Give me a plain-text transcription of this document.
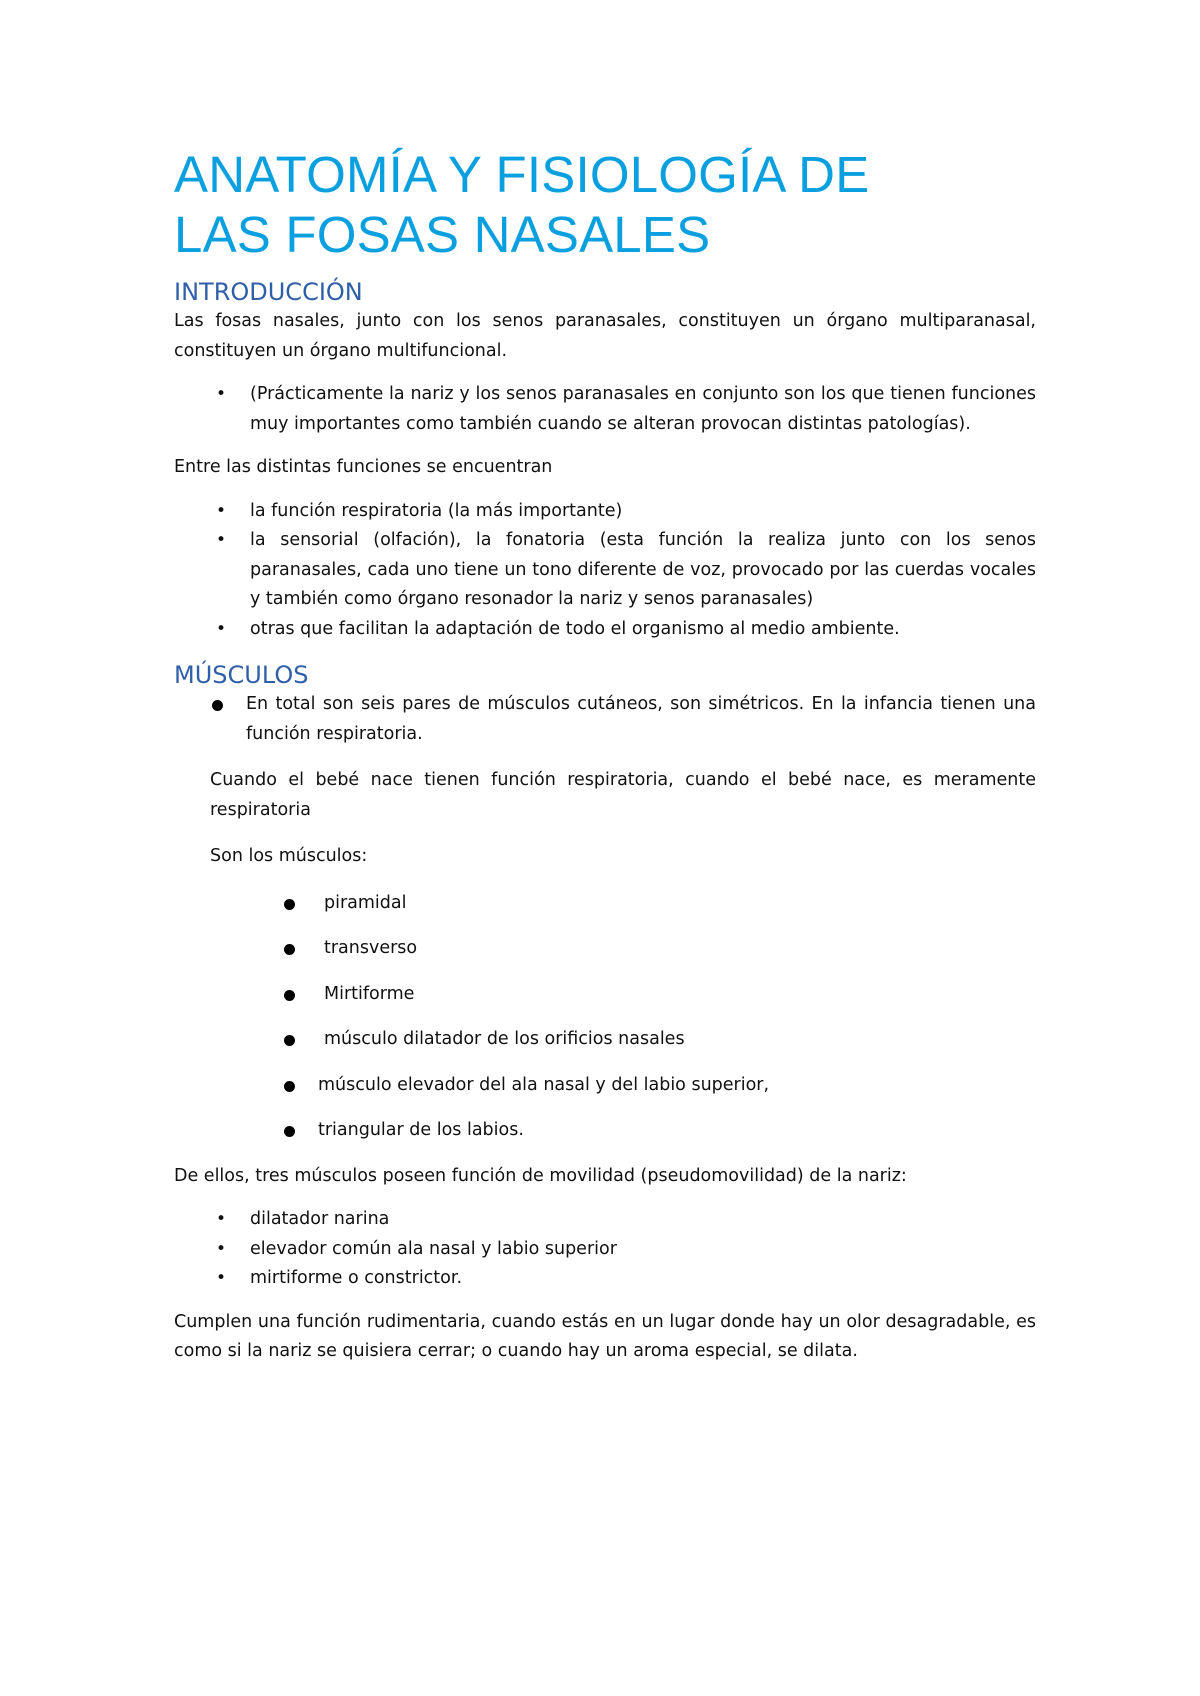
ANATOMÍA Y FISIOLOGÍA DE
LAS FOSAS NASALES
INTRODUCCIÓN

Las fosas nasales, junto con los senos paranasales, constituyen un órgano multiparanasal, constituyen un órgano multifuncional.

• (Prácticamente la nariz y los senos paranasales en conjunto son los que tienen funciones muy importantes como también cuando se alteran provocan distintas patologías).

Entre las distintas funciones se encuentran

• la función respiratoria (la más importante)
• la sensorial (olfación), la fonatoria (esta función la realiza junto con los senos paranasales, cada uno tiene un tono diferente de voz, provocado por las cuerdas vocales y también como órgano resonador la nariz y senos paranasales)
• otras que facilitan la adaptación de todo el organismo al medio ambiente.
MÚSCULOS
En total son seis pares de músculos cutáneos, son simétricos. En la infancia tienen una función respiratoria.

Cuando el bebé nace tienen función respiratoria, cuando el bebé nace, es meramente respiratoria

Son los músculos:

piramidal
transverso
Mirtiforme
músculo dilatador de los orificios nasales
músculo elevador del ala nasal y del labio superior,
triangular de los labios.

De ellos, tres músculos poseen función de movilidad (pseudomovilidad) de la nariz:

• dilatador narina
• elevador común ala nasal y labio superior
• mirtiforme o constrictor.

Cumplen una función rudimentaria, cuando estás en un lugar donde hay un olor desagradable, es como si la nariz se quisiera cerrar; o cuando hay un aroma especial, se dilata.
